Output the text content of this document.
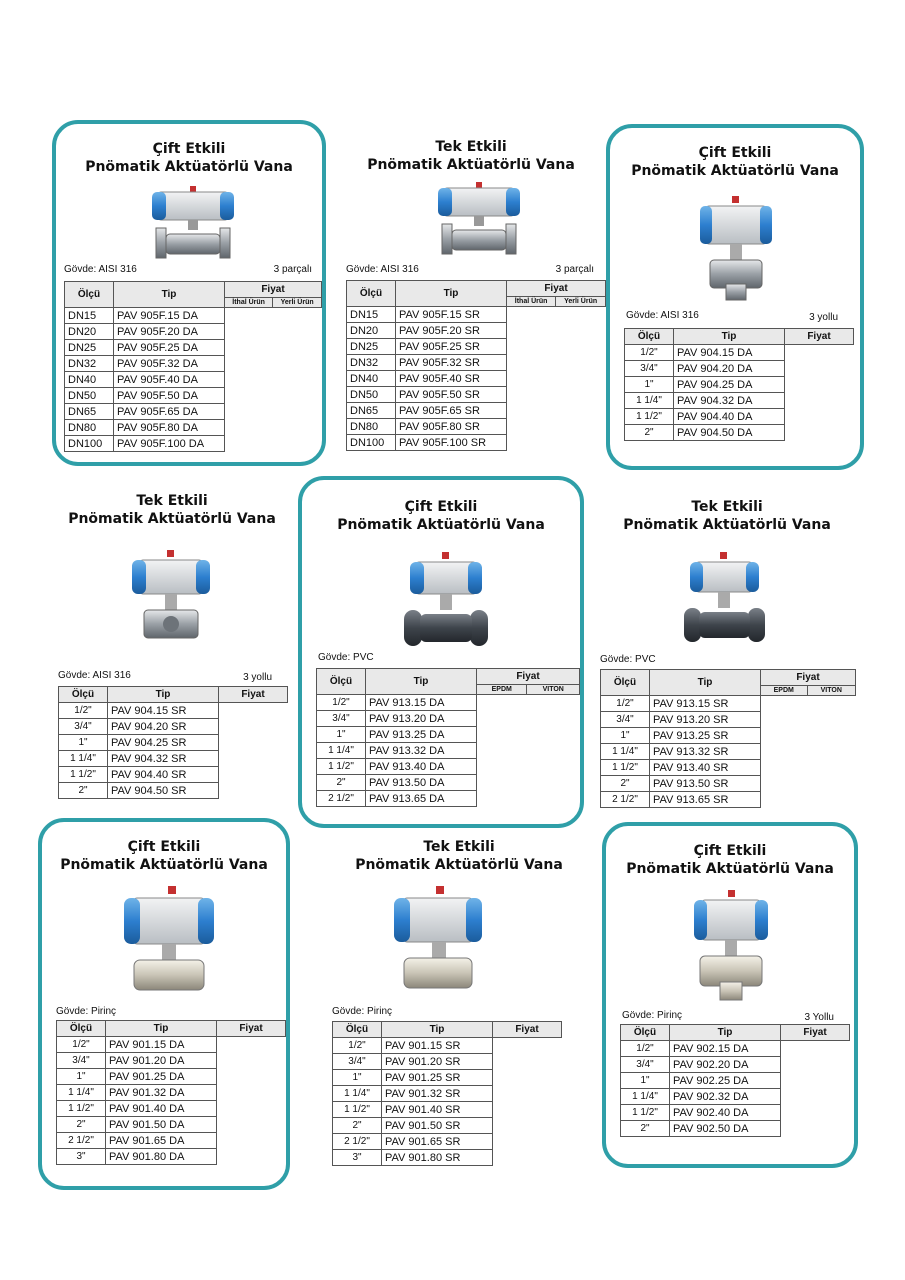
Çift Etkili
Pnömatik Aktüatörlü Vana
Gövde: AISI 316	3 parçalı
Ölçü	Tip	Fiyat	
		İthal Ürün	Yerli Ürün
DN15	PAV 905F.15 DA		
DN20	PAV 905F.20 DA		
DN25	PAV 905F.25 DA		
DN32	PAV 905F.32 DA		
DN40	PAV 905F.40 DA		
DN50	PAV 905F.50 DA		
DN65	PAV 905F.65 DA		
DN80	PAV 905F.80 DA		
DN100	PAV 905F.100 DA		
Tek Etkili
Pnömatik Aktüatörlü Vana
Gövde: AISI 316	3 parçalı
Ölçü	Tip	Fiyat	
		İthal Ürün	Yerli Ürün
DN15	PAV 905F.15 SR		
DN20	PAV 905F.20 SR		
DN25	PAV 905F.25 SR		
DN32	PAV 905F.32 SR		
DN40	PAV 905F.40 SR		
DN50	PAV 905F.50 SR		
DN65	PAV 905F.65 SR		
DN80	PAV 905F.80 SR		
DN100	PAV 905F.100 SR		
Çift Etkili
Pnömatik Aktüatörlü Vana
Gövde: AISI 316	3 yollu
Ölçü	Tip	Fiyat
1/2"	PAV 904.15 DA	
3/4"	PAV 904.20 DA	
1"	PAV 904.25 DA	
1 1/4"	PAV 904.32 DA	
1 1/2"	PAV 904.40 DA	
2"	PAV 904.50 DA	
Tek Etkili
Pnömatik Aktüatörlü Vana
Gövde: AISI 316	3 yollu
Ölçü	Tip	Fiyat
1/2"	PAV 904.15 SR	
3/4"	PAV 904.20 SR	
1"	PAV 904.25 SR	
1 1/4"	PAV 904.32 SR	
1 1/2"	PAV 904.40 SR	
2"	PAV 904.50 SR	
Çift Etkili
Pnömatik Aktüatörlü Vana
Gövde: PVC
Ölçü	Tip	Fiyat	
		EPDM	VITON
1/2"	PAV 913.15 DA		
3/4"	PAV 913.20 DA		
1"	PAV 913.25 DA		
1 1/4"	PAV 913.32 DA		
1 1/2"	PAV 913.40 DA		
2"	PAV 913.50 DA		
2 1/2"	PAV 913.65 DA		
Tek Etkili
Pnömatik Aktüatörlü Vana
Gövde: PVC
Ölçü	Tip	Fiyat	
		EPDM	VITON
1/2"	PAV 913.15 SR		
3/4"	PAV 913.20 SR		
1"	PAV 913.25 SR		
1 1/4"	PAV 913.32 SR		
1 1/2"	PAV 913.40 SR		
2"	PAV 913.50 SR		
2 1/2"	PAV 913.65 SR		
Çift Etkili
Pnömatik Aktüatörlü Vana
Gövde: Pirinç
Ölçü	Tip	Fiyat
1/2"	PAV 901.15 DA	
3/4"	PAV 901.20 DA	
1"	PAV 901.25 DA	
1 1/4"	PAV 901.32 DA	
1 1/2"	PAV 901.40 DA	
2"	PAV 901.50 DA	
2 1/2"	PAV 901.65 DA	
3"	PAV 901.80 DA	
Tek Etkili
Pnömatik Aktüatörlü Vana
Gövde: Pirinç
Ölçü	Tip	Fiyat
1/2"	PAV 901.15 SR	
3/4"	PAV 901.20 SR	
1"	PAV 901.25 SR	
1 1/4"	PAV 901.32 SR	
1 1/2"	PAV 901.40 SR	
2"	PAV 901.50 SR	
2 1/2"	PAV 901.65 SR	
3"	PAV 901.80 SR	
Çift Etkili
Pnömatik Aktüatörlü Vana
Gövde: Pirinç	3 Yollu
Ölçü	Tip	Fiyat
1/2"	PAV 902.15 DA	
3/4"	PAV 902.20 DA	
1"	PAV 902.25 DA	
1 1/4"	PAV 902.32 DA	
1 1/2"	PAV 902.40 DA	
2"	PAV 902.50 DA	
